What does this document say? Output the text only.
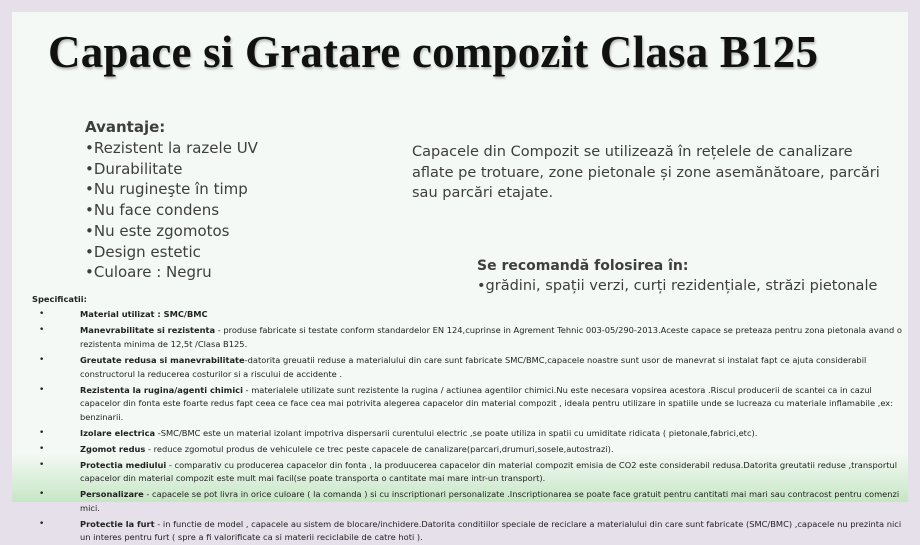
Capace si Gratare compozit Clasa B125
Avantaje:
•Rezistent la razele UV
•Durabilitate
•Nu rugineşte în timp
•Nu face condens
•Nu este zgomotos
•Design estetic
•Culoare : Negru

Capacele din Compozit se utilizează în rețelele de canalizare aflate pe trotuare, zone pietonale și zone asemănătoare, parcări sau parcări etajate.

Se recomandă folosirea în:
•grădini, spații verzi, curți rezidențiale, străzi pietonale
Specificatii:
•	Material utilizat : SMC/BMC
•	Manevrabilitate si rezistenta - produse fabricate si testate conform standardelor EN 124,cuprinse in Agrement Tehnic 003-05/290-2013.Aceste capace se preteaza pentru zona pietonala avand o rezistenta minima de 12,5t /Clasa B125.
•	Greutate redusa si manevrabilitate-datorita greuatii reduse a materialului din care sunt fabricate SMC/BMC,capacele noastre sunt usor de manevrat si instalat fapt ce ajuta considerabil constructorul la reducerea costurilor si a riscului de accidente .
•	Rezistenta la rugina/agenti chimici - materialele utilizate sunt rezistente la rugina / actiunea agentilor chimici.Nu este necesara vopsirea acestora .Riscul producerii de scantei ca in cazul capacelor din fonta este foarte redus fapt ceea ce face cea mai potrivita alegerea capacelor din material compozit , ideala pentru utilizare in spatiile unde se lucreaza cu materiale inflamabile ,ex: benzinarii.
•	Izolare electrica -SMC/BMC este un material izolant impotriva dispersarii curentului electric ,se poate utiliza in spatii cu umiditate ridicata ( pietonale,fabrici,etc).
•	Zgomot redus - reduce zgomotul produs de vehiculele ce trec peste capacele de canalizare(parcari,drumuri,sosele,autostrazi).
•	Protectia mediului - comparativ cu producerea capacelor din fonta , la produucerea capacelor din material compozit emisia de CO2 este considerabil redusa.Datorita greutatii reduse ,transportul capacelor din material compozit este mult mai facil(se poate transporta o cantitate mai mare intr-un transport).
•	Personalizare - capacele se pot livra in orice culoare ( la comanda ) si cu inscriptionari personalizate .Inscriptionarea se poate face gratuit pentru cantitati mai mari sau contracost pentru comenzi mici.
•	Protectie la furt - in functie de model , capacele au sistem de blocare/inchidere.Datorita conditiilor speciale de reciclare a materialului din care sunt fabricate (SMC/BMC) ,capacele nu prezinta nici un interes pentru furt ( spre a fi valorificate ca si materii reciclabile de catre hoti ).
